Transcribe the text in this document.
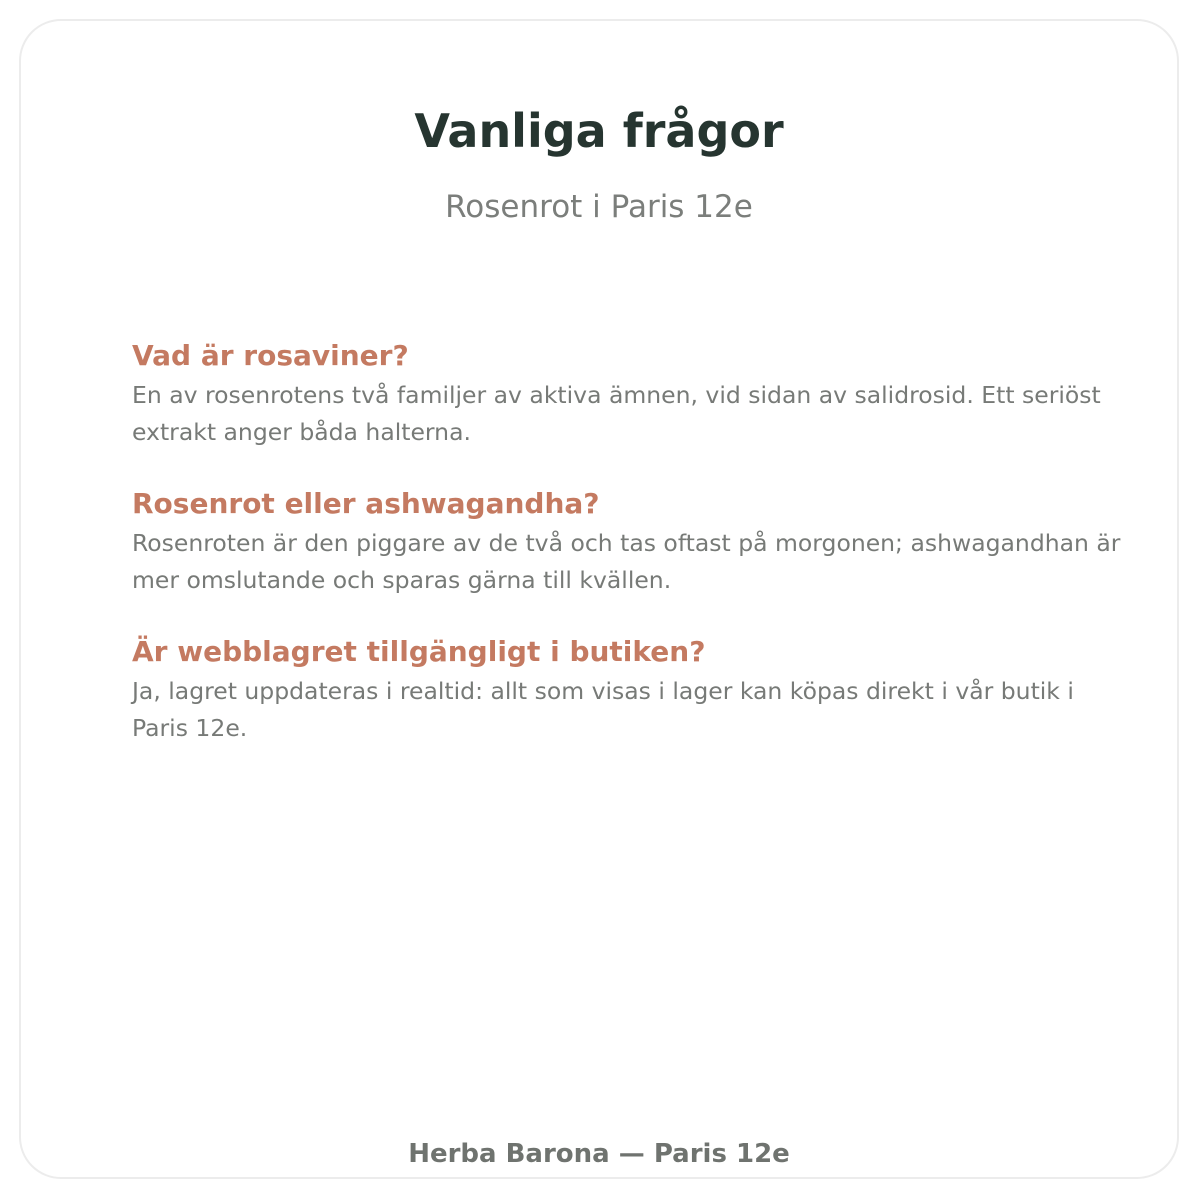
Vanliga frågor

Rosenrot i Paris 12e

Vad är rosaviner?

En av rosenrotens två familjer av aktiva ämnen, vid sidan av salidrosid. Ett seriöst extrakt anger båda halterna.

Rosenrot eller ashwagandha?

Rosenroten är den piggare av de två och tas oftast på morgonen; ashwagandhan är mer omslutande och sparas gärna till kvällen.

Är webblagret tillgängligt i butiken?

Ja, lagret uppdateras i realtid: allt som visas i lager kan köpas direkt i vår butik i Paris 12e.

Herba Barona — Paris 12e
